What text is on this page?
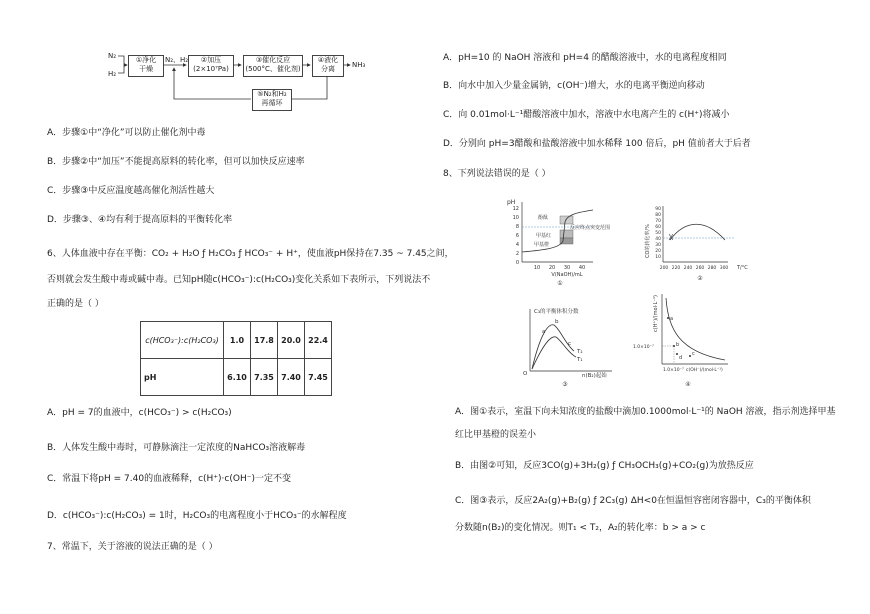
N₂
H₂
N₂、H₂
①净化
干燥
②加压
(2×10⁷Pa)
③催化反应
(500°C、催化剂)
④液化
分离
⑤N₂和H₂
再循环
NH₃
A．步骤①中“净化”可以防止催化剂中毒
B．步骤②中“加压”不能提高原料的转化率，但可以加快反应速率
C．步骤③中反应温度越高催化剂活性越大
D．步骤③、④均有利于提高原料的平衡转化率
6、人体血液中存在平衡：CO₂ + H₂O ƒ H₂CO₃ ƒ HCO₃⁻ + H⁺，使血液pH保持在7.35 ~ 7.45之间，
否则就会发生酸中毒或碱中毒。已知pH随c(HCO₃⁻):c(H₂CO₃)变化关系如下表所示，下列说法不
正确的是（ ）
c(HCO₃⁻):c(H₂CO₃)	1.0	17.8	20.0	22.4
pH	6.10	7.35	7.40	7.45
A．pH = 7的血液中，c(HCO₃⁻) > c(H₂CO₃)
B．人体发生酸中毒时，可静脉滴注一定浓度的NaHCO₃溶液解毒
C．常温下将pH = 7.40的血液稀释，c(H⁺)·c(OH⁻)一定不变
D．c(HCO₃⁻):c(H₂CO₃) = 1时，H₂CO₃的电离程度小于HCO₃⁻的水解程度
7、常温下，关于溶液的说法正确的是（ ）
A．pH=10 的 NaOH 溶液和 pH=4 的醋酸溶液中，水的电离程度相同
B．向水中加入少量金属钠，c(OH⁻)增大，水的电离平衡逆向移动
C．向 0.01mol·L⁻¹醋酸溶液中加水，溶液中水电离产生的 c(H⁺)将减小
D．分别向 pH=3醋酸和盐酸溶液中加水稀释 100 倍后，pH 值前者大于后者
8、下列说法错误的是（ ）
pH
12
10
8
6
4
2
0
10 20 30 40
V(NaOH)/mL
酚酞
甲基红
甲基橙
反应终点 突变范围
①
CO的转化率/%
90
80
70
60
50
40
30
20
10
200 220 240 260 280 300 T/°C
②
C₃的平衡体积分数
O	n(B₂)起始
a
b
c
T₂
T₁
③
c(H⁺)/(mol·L⁻¹)
1.0×10⁻⁷
1.0×10⁻⁷ c(OH⁻)/(mol·L⁻¹)
a
b
c
d
④
A．图①表示，室温下向未知浓度的盐酸中滴加0.1000mol·L⁻¹的 NaOH 溶液，指示剂选择甲基
红比甲基橙的误差小
B．由图②可知，反应3CO(g)+3H₂(g) ƒ CH₃OCH₃(g)+CO₂(g)为放热反应
C．图③表示，反应2A₂(g)+B₂(g) ƒ 2C₃(g) ΔH<0在恒温恒容密闭容器中，C₃的平衡体积
分数随n(B₂)的变化情况。则T₁ < T₂，A₂的转化率：b > a > c
